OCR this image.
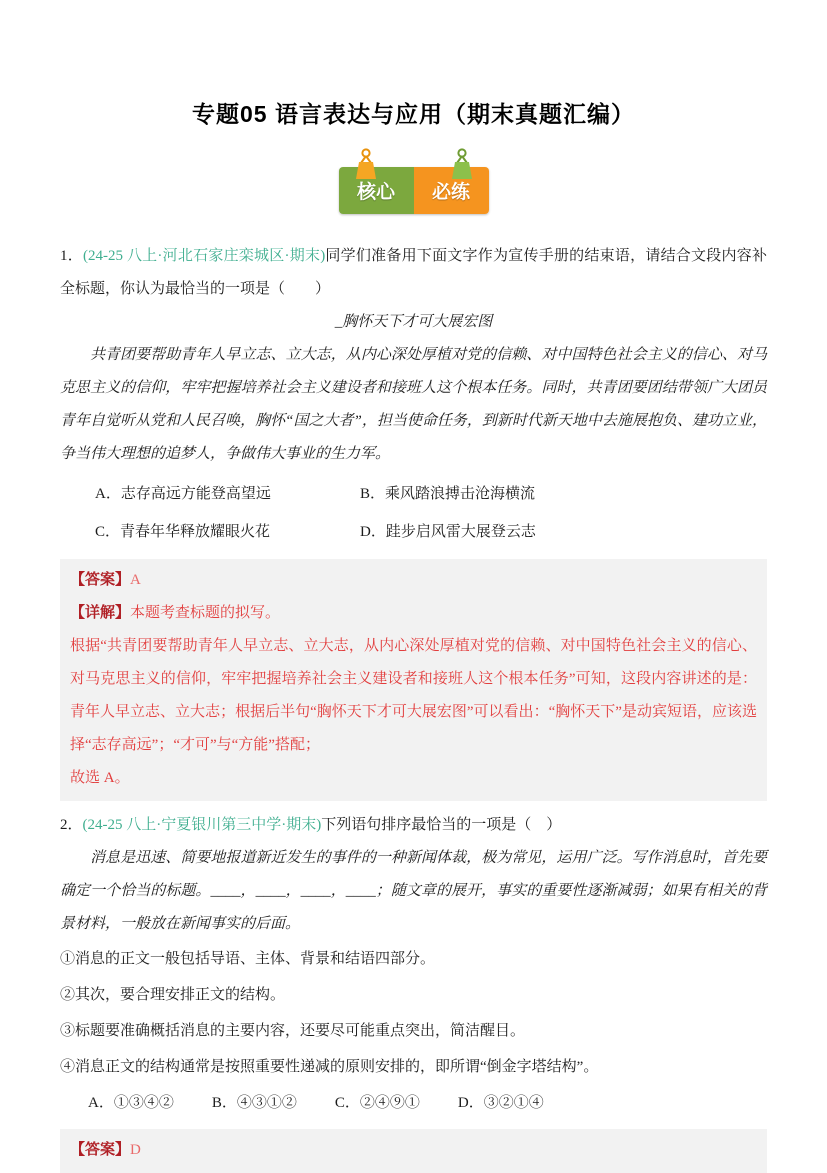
专题05 语言表达与应用（期末真题汇编）
核心	必练

1．(24-25 八上·河北石家庄栾城区·期末)同学们准备用下面文字作为宣传手册的结束语，请结合文段内容补全标题，你认为最恰当的一项是（　　）

_胸怀天下才可大展宏图

共青团要帮助青年人早立志、立大志，从内心深处厚植对党的信赖、对中国特色社会主义的信心、对马克思主义的信仰，牢牢把握培养社会主义建设者和接班人这个根本任务。同时，共青团要团结带领广大团员青年自觉听从党和人民召唤，胸怀“国之大者”，担当使命任务，到新时代新天地中去施展抱负、建功立业，争当伟大理想的追梦人，争做伟大事业的生力军。

A．志存高远方能登高望远	B．乘风踏浪搏击沧海横流
C．青春年华释放耀眼火花	D．跬步启风雷大展登云志

【答案】A

【详解】本题考查标题的拟写。

根据“共青团要帮助青年人早立志、立大志，从内心深处厚植对党的信赖、对中国特色社会主义的信心、对马克思主义的信仰，牢牢把握培养社会主义建设者和接班人这个根本任务”可知，这段内容讲述的是：青年人早立志、立大志；根据后半句“胸怀天下才可大展宏图”可以看出：“胸怀天下”是动宾短语，应该选择“志存高远”；“才可”与“方能”搭配；

故选 A。

2．(24-25 八上·宁夏银川第三中学·期末)下列语句排序最恰当的一项是（　）

消息是迅速、简要地报道新近发生的事件的一种新闻体裁，极为常见，运用广泛。写作消息时，首先要确定一个恰当的标题。____，____，____，____；随文章的展开，事实的重要性逐渐减弱；如果有相关的背景材料，一般放在新闻事实的后面。

①消息的正文一般包括导语、主体、背景和结语四部分。

②其次，要合理安排正文的结构。

③标题要准确概括消息的主要内容，还要尽可能重点突出，简洁醒目。

④消息正文的结构通常是按照重要性递减的原则安排的，即所谓“倒金字塔结构”。

A．①③④②	B．④③①②	C．②④⑨①	D．③②①④

【答案】D
